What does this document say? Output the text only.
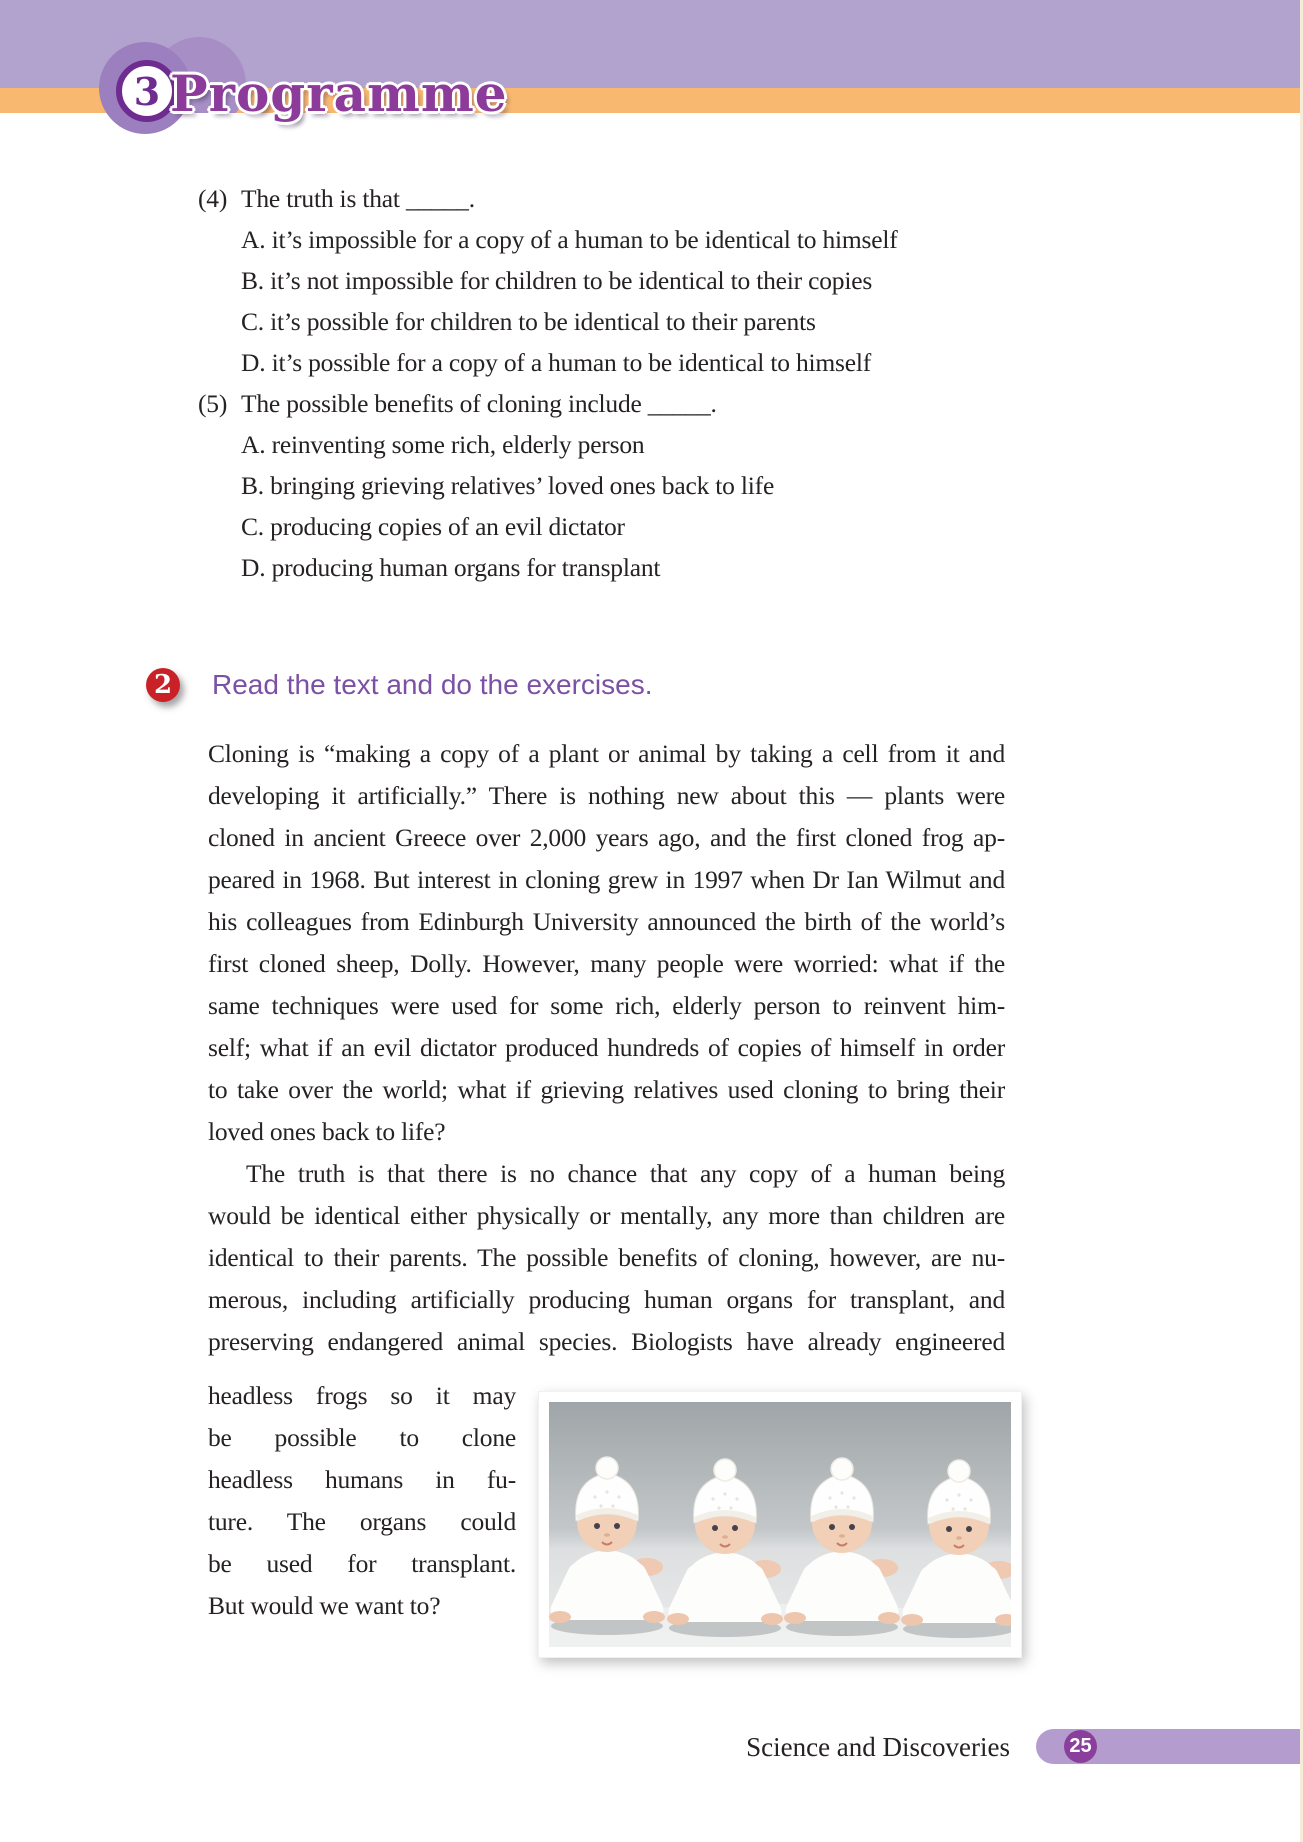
3 Programme
(4) The truth is that _____.
A. it’s impossible for a copy of a human to be identical to himself
B. it’s not impossible for children to be identical to their copies
C. it’s possible for children to be identical to their parents
D. it’s possible for a copy of a human to be identical to himself
(5) The possible benefits of cloning include _____.
A. reinventing some rich, elderly person
B. bringing grieving relatives’ loved ones back to life
C. producing copies of an evil dictator
D. producing human organs for transplant
2 Read the text and do the exercises.
Cloning is “making a copy of a plant or animal by taking a cell from it and
developing it artificially.” There is nothing new about this — plants were
cloned in ancient Greece over 2,000 years ago, and the first cloned frog ap-
peared in 1968. But interest in cloning grew in 1997 when Dr Ian Wilmut and
his colleagues from Edinburgh University announced the birth of the world’s
first cloned sheep, Dolly. However, many people were worried: what if the
same techniques were used for some rich, elderly person to reinvent him-
self; what if an evil dictator produced hundreds of copies of himself in order
to take over the world; what if grieving relatives used cloning to bring their
loved ones back to life?
The truth is that there is no chance that any copy of a human being
would be identical either physically or mentally, any more than children are
identical to their parents. The possible benefits of cloning, however, are nu-
merous, including artificially producing human organs for transplant, and
preserving endangered animal species. Biologists have already engineered
headless frogs so it may
be possible to clone
headless humans in fu-
ture. The organs could
be used for transplant.
But would we want to?
Science and Discoveries	25
